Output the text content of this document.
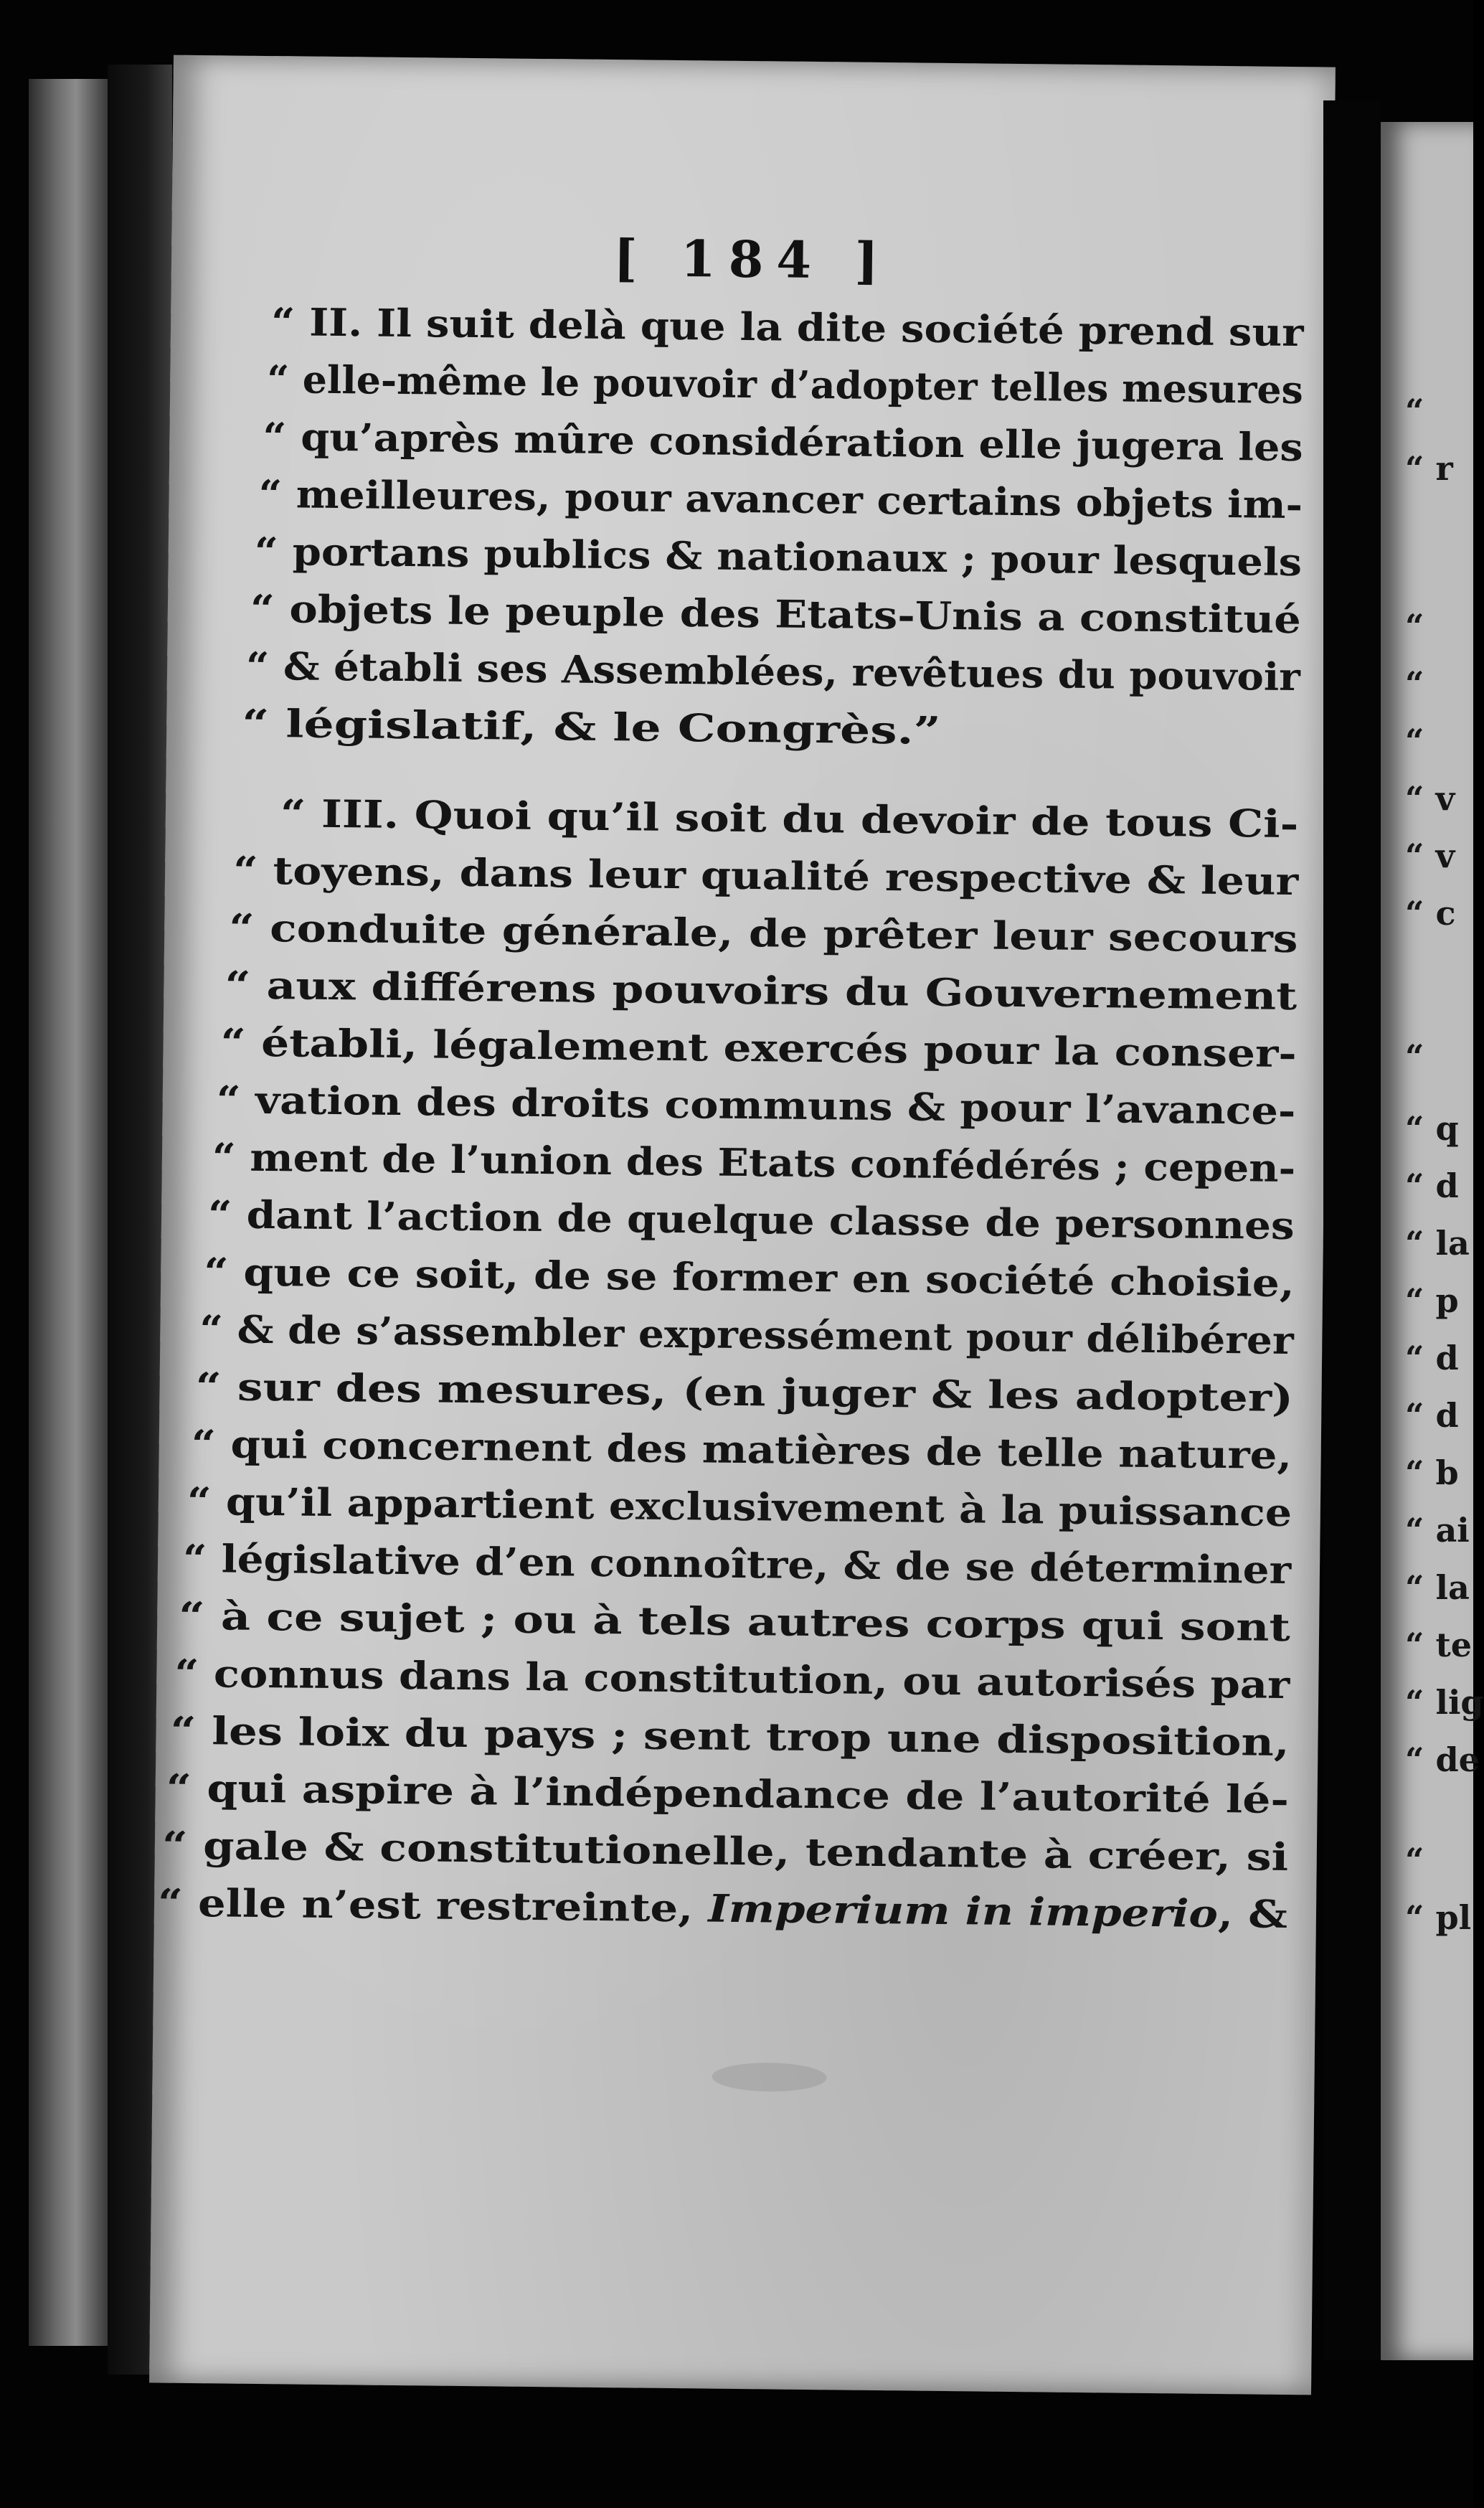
[ 184 ]
“ II. Il suit delà que la dite société prend sur
“ elle-même le pouvoir d’adopter telles mesures
“ qu’après mûre considération elle jugera les
“ meilleures, pour avancer certains objets im-
“ portans publics & nationaux ; pour lesquels
“ objets le peuple des Etats-Unis a constitué
“ & établi ses Assemblées, revêtues du pouvoir
“ législatif, & le Congrès.”
“ III. Quoi qu’il soit du devoir de tous Ci-
“ toyens, dans leur qualité respective & leur
“ conduite générale, de prêter leur secours
“ aux différens pouvoirs du Gouvernement
“ établi, légalement exercés pour la conser-
“ vation des droits communs & pour l’avance-
“ ment de l’union des Etats confédérés ; cepen-
“ dant l’action de quelque classe de personnes
“ que ce soit, de se former en société choisie,
“ & de s’assembler expressément pour délibérer
“ sur des mesures, (en juger & les adopter)
“ qui concernent des matières de telle nature,
“ qu’il appartient exclusivement à la puissance
“ législative d’en connoître, & de se déterminer
“ à ce sujet ; ou à tels autres corps qui sont
“ connus dans la constitution, ou autorisés par
“ les loix du pays ; sent trop une disposition,
“ qui aspire à l’indépendance de l’autorité lé-
“ gale & constitutionelle, tendante à créer, si
“ elle n’est restreinte, Imperium in imperio, &
“
“ r
“
“
“
“ v
“ v
“ c
“
“ q
“ d
“ la
“ p
“ d
“ d
“ b
“ ai
“ la
“ te
“ lig
“ de
“
“ pl
